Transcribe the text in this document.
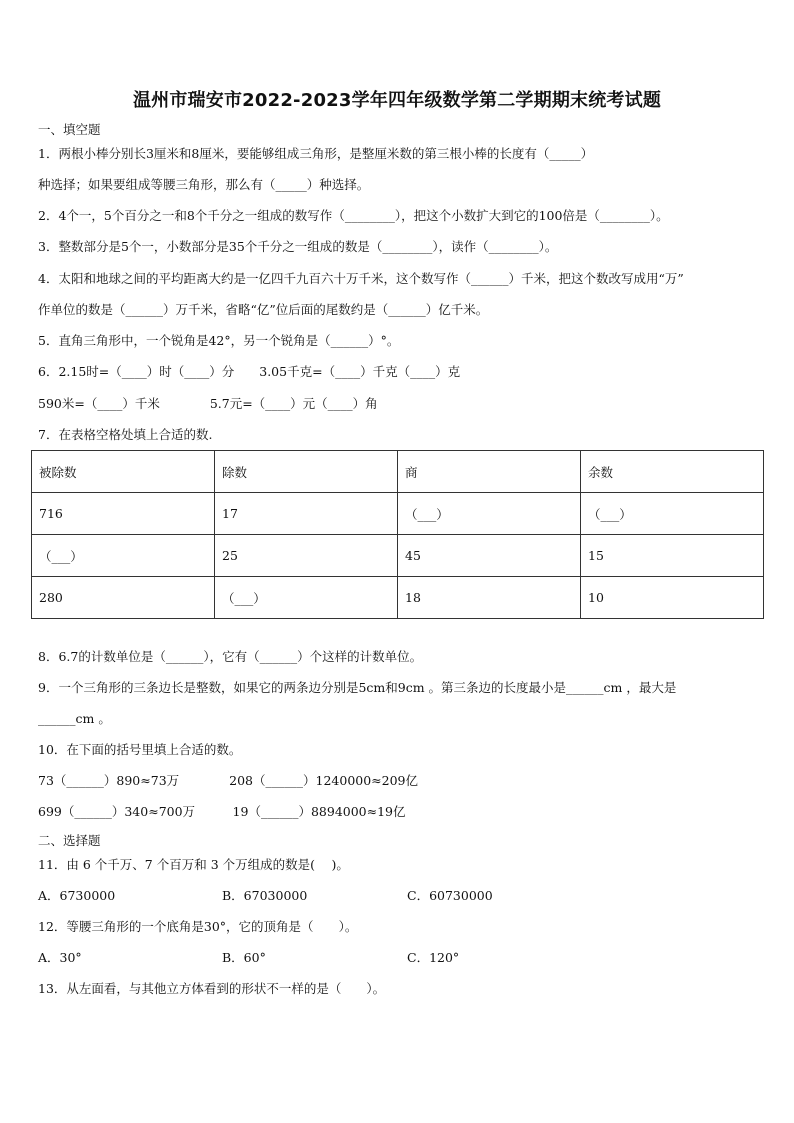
温州市瑞安市2022-2023学年四年级数学第二学期期末统考试题
一、填空题
1．两根小棒分别长3厘米和8厘米，要能够组成三角形，是整厘米数的第三根小棒的长度有（_____）
种选择；如果要组成等腰三角形，那么有（_____）种选择。
2．4个一，5个百分之一和8个千分之一组成的数写作（________），把这个小数扩大到它的100倍是（________）。
3．整数部分是5个一，小数部分是35个千分之一组成的数是（________），读作（________）。
4．太阳和地球之间的平均距离大约是一亿四千九百六十万千米，这个数写作（______）千米，把这个数改写成用“万”
作单位的数是（______）万千米，省略“亿”位后面的尾数约是（______）亿千米。
5．直角三角形中，一个锐角是42°，另一个锐角是（______）°。
6．2.15时=（____）时（____）分　　3.05千克=（____）千克（____）克
590米=（____）千米　　　　5.7元=（____）元（____）角
7．在表格空格处填上合适的数.
被除数	除数	商	余数
716	17	（___）	（___）
（___）	25	45	15
280	（___）	18	10
8．6.7的计数单位是（______），它有（______）个这样的计数单位。
9．一个三角形的三条边长是整数，如果它的两条边分别是5cm和9cm 。第三条边的长度最小是______cm ，最大是
______cm 。
10．在下面的括号里填上合适的数。
73（______）890≈73万　　　　208（______）1240000≈209亿
699（______）340≈700万　　　19（______）8894000≈19亿
二、选择题
11．由 6 个千万、7 个百万和 3 个万组成的数是(　 )。
A．6730000	B．67030000	C．60730000
12．等腰三角形的一个底角是30°，它的顶角是（　　）。
A．30°	B．60°	C．120°
13．从左面看，与其他立方体看到的形状不一样的是（　　）。
